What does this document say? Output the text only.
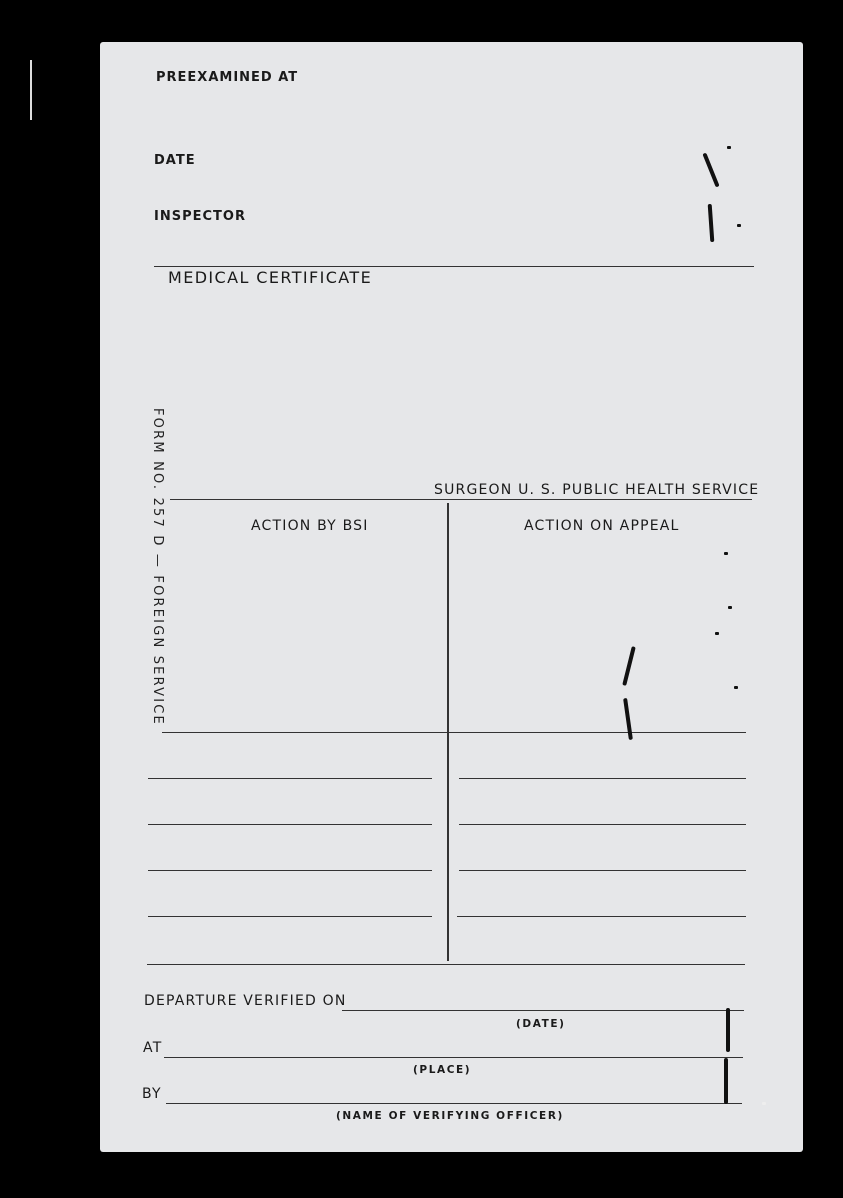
PREEXAMINED AT
DATE
INSPECTOR
MEDICAL CERTIFICATE
FORM NO. 257 D — FOREIGN SERVICE	SURGEON U. S. PUBLIC HEALTH SERVICE
ACTION BY BSI	ACTION ON APPEAL
DEPARTURE VERIFIED ON
(DATE)
AT
(PLACE)
BY
(NAME OF VERIFYING OFFICER)
